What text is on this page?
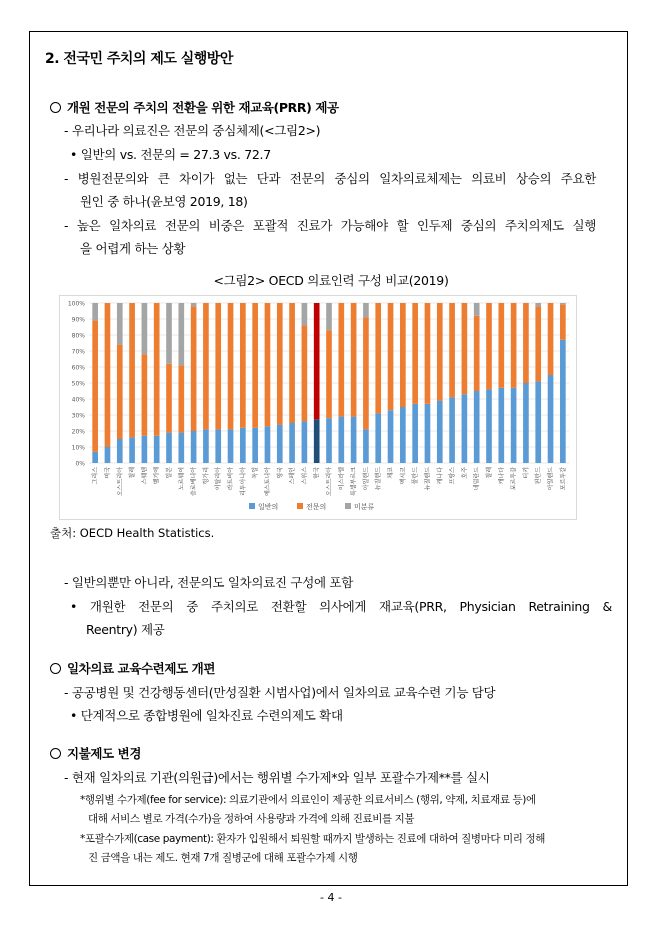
2. 전국민 주치의 제도 실행방안
개원 전문의 주치의 전환을 위한 재교육(PRR) 제공
- 우리나라 의료진은 전문의 중심체제(<그림2>)
• 일반의 vs. 전문의 = 27.3 vs. 72.7
- 병원전문의와 큰 차이가 없는 단과 전문의 중심의 일차의료체제는 의료비 상승의 주요한
원인 중 하나(윤보영 2019, 18)
- 높은 일차의료 전문의 비중은 포괄적 진료가 가능해야 할 인두제 중심의 주치의제도 실행
을 어렵게 하는 상황
<그림2> OECD 의료인력 구성 비교(2019)
0%
10%
20%
30%
40%
50%
60%
70%
80%
90%
100%
그리스 미국 오스트리아 칠레 스웨덴 벨기에 일본 노르웨이 슬로베니아 헝가리 이탈리아 라트비아 리투아니아 독일 에스토니아 영국 스페인 스위스 한국 오스트리아 이스라엘 룩셈부르크 아일랜드 뉴질랜드 체코 멕시코 폴란드 뉴질랜드 캐나다 프랑스 호주 네덜란드 칠레 캐나다 포르투갈 터키 핀란드 아일랜드 포르투갈
일반의	전문의	미분류
출처: OECD Health Statistics.
- 일반의뿐만 아니라, 전문의도 일차의료진 구성에 포함
• 개원한 전문의 중 주치의로 전환할 의사에게 재교육(PRR, Physician Retraining &
Reentry) 제공
일차의료 교육수련제도 개편
- 공공병원 및 건강행동센터(만성질환 시범사업)에서 일차의료 교육수련 기능 담당
• 단계적으로 종합병원에 일차진료 수련의제도 확대
지불제도 변경
- 현재 일차의료 기관(의원급)에서는 행위별 수가제*와 일부 포괄수가제**를 실시
*행위별 수가제(fee for service): 의료기관에서 의료인이 제공한 의료서비스 (행위, 약제, 치료재료 등)에
대해 서비스 별로 가격(수가)을 정하여 사용량과 가격에 의해 진료비를 지불
*포괄수가제(case payment): 환자가 입원해서 퇴원할 때까지 발생하는 진료에 대하여 질병마다 미리 정해
진 금액을 내는 제도. 현재 7개 질병군에 대해 포괄수가제 시행
- 4 -
